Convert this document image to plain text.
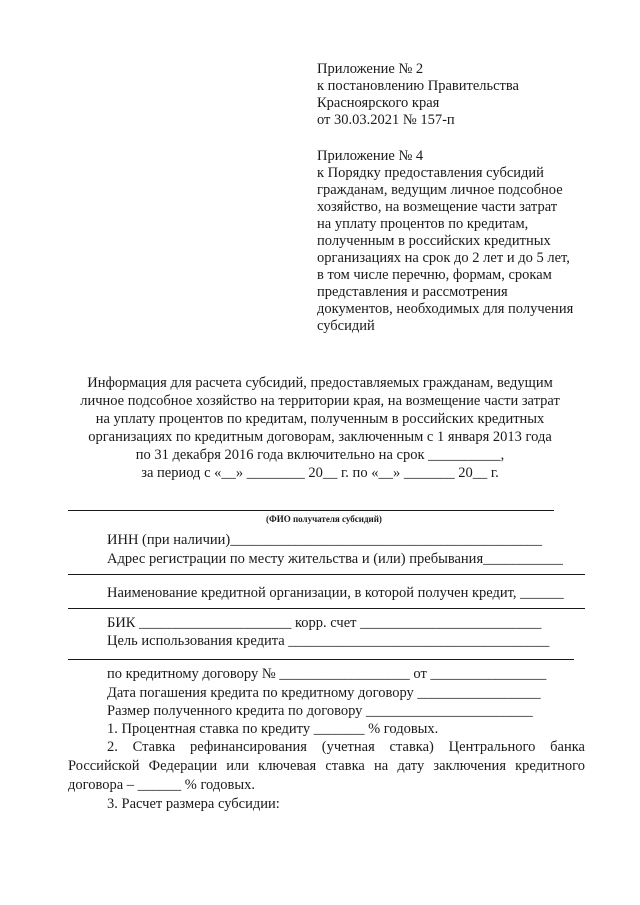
Приложение № 2
к постановлению Правительства
Красноярского края
от 30.03.2021 № 157-п
Приложение № 4
к Порядку предоставления субсидий
гражданам, ведущим личное подсобное
хозяйство, на возмещение части затрат
на уплату процентов по кредитам,
полученным в российских кредитных
организациях на срок до 2 лет и до 5 лет,
в том числе перечню, формам, срокам
представления и рассмотрения
документов, необходимых для получения
субсидий
Информация для расчета субсидий, предоставляемых гражданам, ведущим
личное подсобное хозяйство на территории края, на возмещение части затрат
на уплату процентов по кредитам, полученным в российских кредитных
организациях по кредитным договорам, заключенным с 1 января 2013 года
по 31 декабря 2016 года включительно на срок __________,
за период с «__» ________ 20__ г. по «__» _______ 20__ г.
(ФИО получателя субсидий)
ИНН (при наличии)___________________________________________
Адрес регистрации по месту жительства и (или) пребывания___________
Наименование кредитной организации, в которой получен кредит, ______
БИК _____________________ корр. счет _________________________
Цель использования кредита ____________________________________
по кредитному договору № __________________ от ________________
Дата погашения кредита по кредитному договору _________________
Размер полученного кредита по договору _______________________
1. Процентная ставка по кредиту _______ % годовых.
2. Ставка рефинансирования (учетная ставка) Центрального банка
Российской Федерации или ключевая ставка на дату заключения кредитного
договора – ______ % годовых.
3. Расчет размера субсидии:
